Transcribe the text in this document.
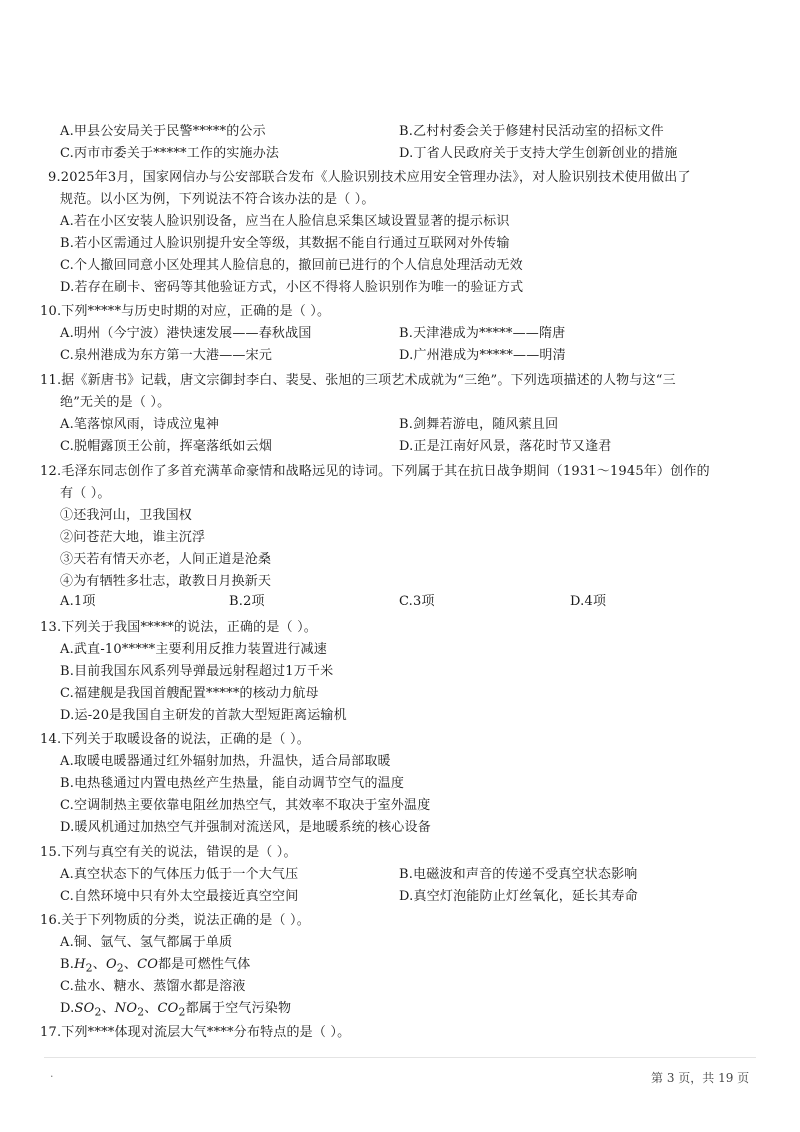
A.甲县公安局关于民警*****的公示	B.乙村村委会关于修建村民活动室的招标文件
C.丙市市委关于*****工作的实施办法	D.丁省人民政府关于支持大学生创新创业的措施
9.2025年3月，国家网信办与公安部联合发布《人脸识别技术应用安全管理办法》，对人脸识别技术使用做出了
规范。以小区为例，下列说法不符合该办法的是（ ）。
A.若在小区安装人脸识别设备，应当在人脸信息采集区域设置显著的提示标识
B.若小区需通过人脸识别提升安全等级，其数据不能自行通过互联网对外传输
C.个人撤回同意小区处理其人脸信息的，撤回前已进行的个人信息处理活动无效
D.若存在刷卡、密码等其他验证方式，小区不得将人脸识别作为唯一的验证方式
10.下列*****与历史时期的对应，正确的是（ ）。
A.明州（今宁波）港快速发展——春秋战国	B.天津港成为*****——隋唐
C.泉州港成为东方第一大港——宋元	D.广州港成为*****——明清
11.据《新唐书》记载，唐文宗御封李白、裴旻、张旭的三项艺术成就为“三绝”。下列选项描述的人物与这“三
绝”无关的是（ ）。
A.笔落惊风雨，诗成泣鬼神	B.剑舞若游电，随风萦且回
C.脱帽露顶王公前，挥毫落纸如云烟	D.正是江南好风景，落花时节又逢君
12.毛泽东同志创作了多首充满革命豪情和战略远见的诗词。下列属于其在抗日战争期间（1931～1945年）创作的
有（ ）。
①还我河山，卫我国权
②问苍茫大地，谁主沉浮
③天若有情天亦老，人间正道是沧桑
④为有牺牲多壮志，敢教日月换新天
A.1项	B.2项	C.3项	D.4项
13.下列关于我国*****的说法，正确的是（ ）。
A.武直-10*****主要利用反推力装置进行减速
B.目前我国东风系列导弹最远射程超过1万千米
C.福建舰是我国首艘配置*****的核动力航母
D.运-20是我国自主研发的首款大型短距离运输机
14.下列关于取暖设备的说法，正确的是（ ）。
A.取暖电暖器通过红外辐射加热，升温快，适合局部取暖
B.电热毯通过内置电热丝产生热量，能自动调节空气的温度
C.空调制热主要依靠电阻丝加热空气，其效率不取决于室外温度
D.暖风机通过加热空气并强制对流送风，是地暖系统的核心设备
15.下列与真空有关的说法，错误的是（ ）。
A.真空状态下的气体压力低于一个大气压	B.电磁波和声音的传递不受真空状态影响
C.自然环境中只有外太空最接近真空空间	D.真空灯泡能防止灯丝氧化，延长其寿命
16.关于下列物质的分类，说法正确的是（ ）。
A.铜、氩气、氢气都属于单质
$B.H_2$、$O_2$、CO都是可燃性气体
C.盐水、糖水、蒸馏水都是溶液
$D.SO_2$、$NO_2$、$CO_2$都属于空气污染物
17.下列****体现对流层大气****分布特点的是（ ）。
·	第 3 页，共 19 页
